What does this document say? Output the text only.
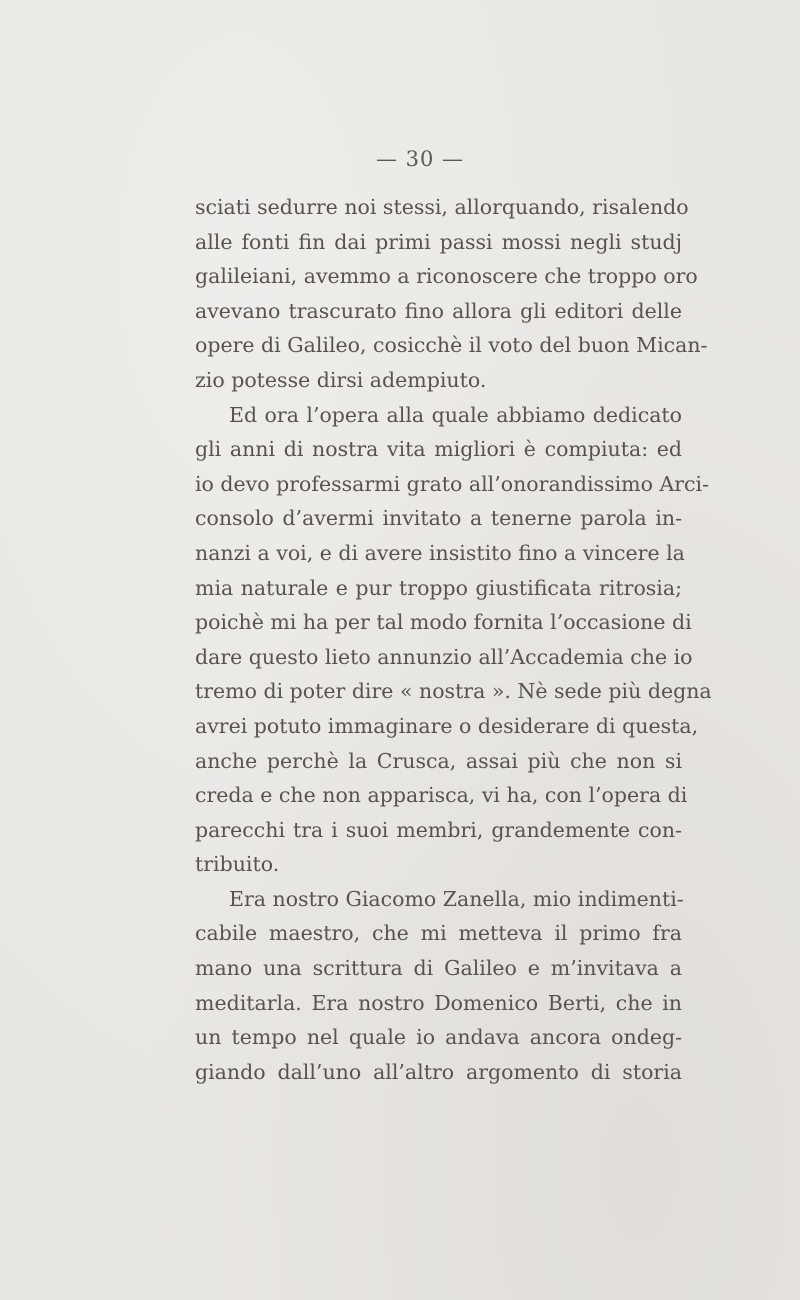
— 30 —
sciati sedurre noi stessi, allorquando, risalendo
alle fonti fin dai primi passi mossi negli studj
galileiani, avemmo a riconoscere che troppo oro
avevano trascurato fino allora gli editori delle
opere di Galileo, cosicchè il voto del buon Mican-
zio potesse dirsi adempiuto.
Ed ora l’opera alla quale abbiamo dedicato
gli anni di nostra vita migliori è compiuta: ed
io devo professarmi grato all’onorandissimo Arci-
consolo d’avermi invitato a tenerne parola in-
nanzi a voi, e di avere insistito fino a vincere la
mia naturale e pur troppo giustificata ritrosia;
poichè mi ha per tal modo fornita l’occasione di
dare questo lieto annunzio all’Accademia che io
tremo di poter dire « nostra ». Nè sede più degna
avrei potuto immaginare o desiderare di questa,
anche perchè la Crusca, assai più che non si
creda e che non apparisca, vi ha, con l’opera di
parecchi tra i suoi membri, grandemente con-
tribuito.
Era nostro Giacomo Zanella, mio indimenti-
cabile maestro, che mi metteva il primo fra
mano una scrittura di Galileo e m’invitava a
meditarla. Era nostro Domenico Berti, che in
un tempo nel quale io andava ancora ondeg-
giando dall’uno all’altro argomento di storia
